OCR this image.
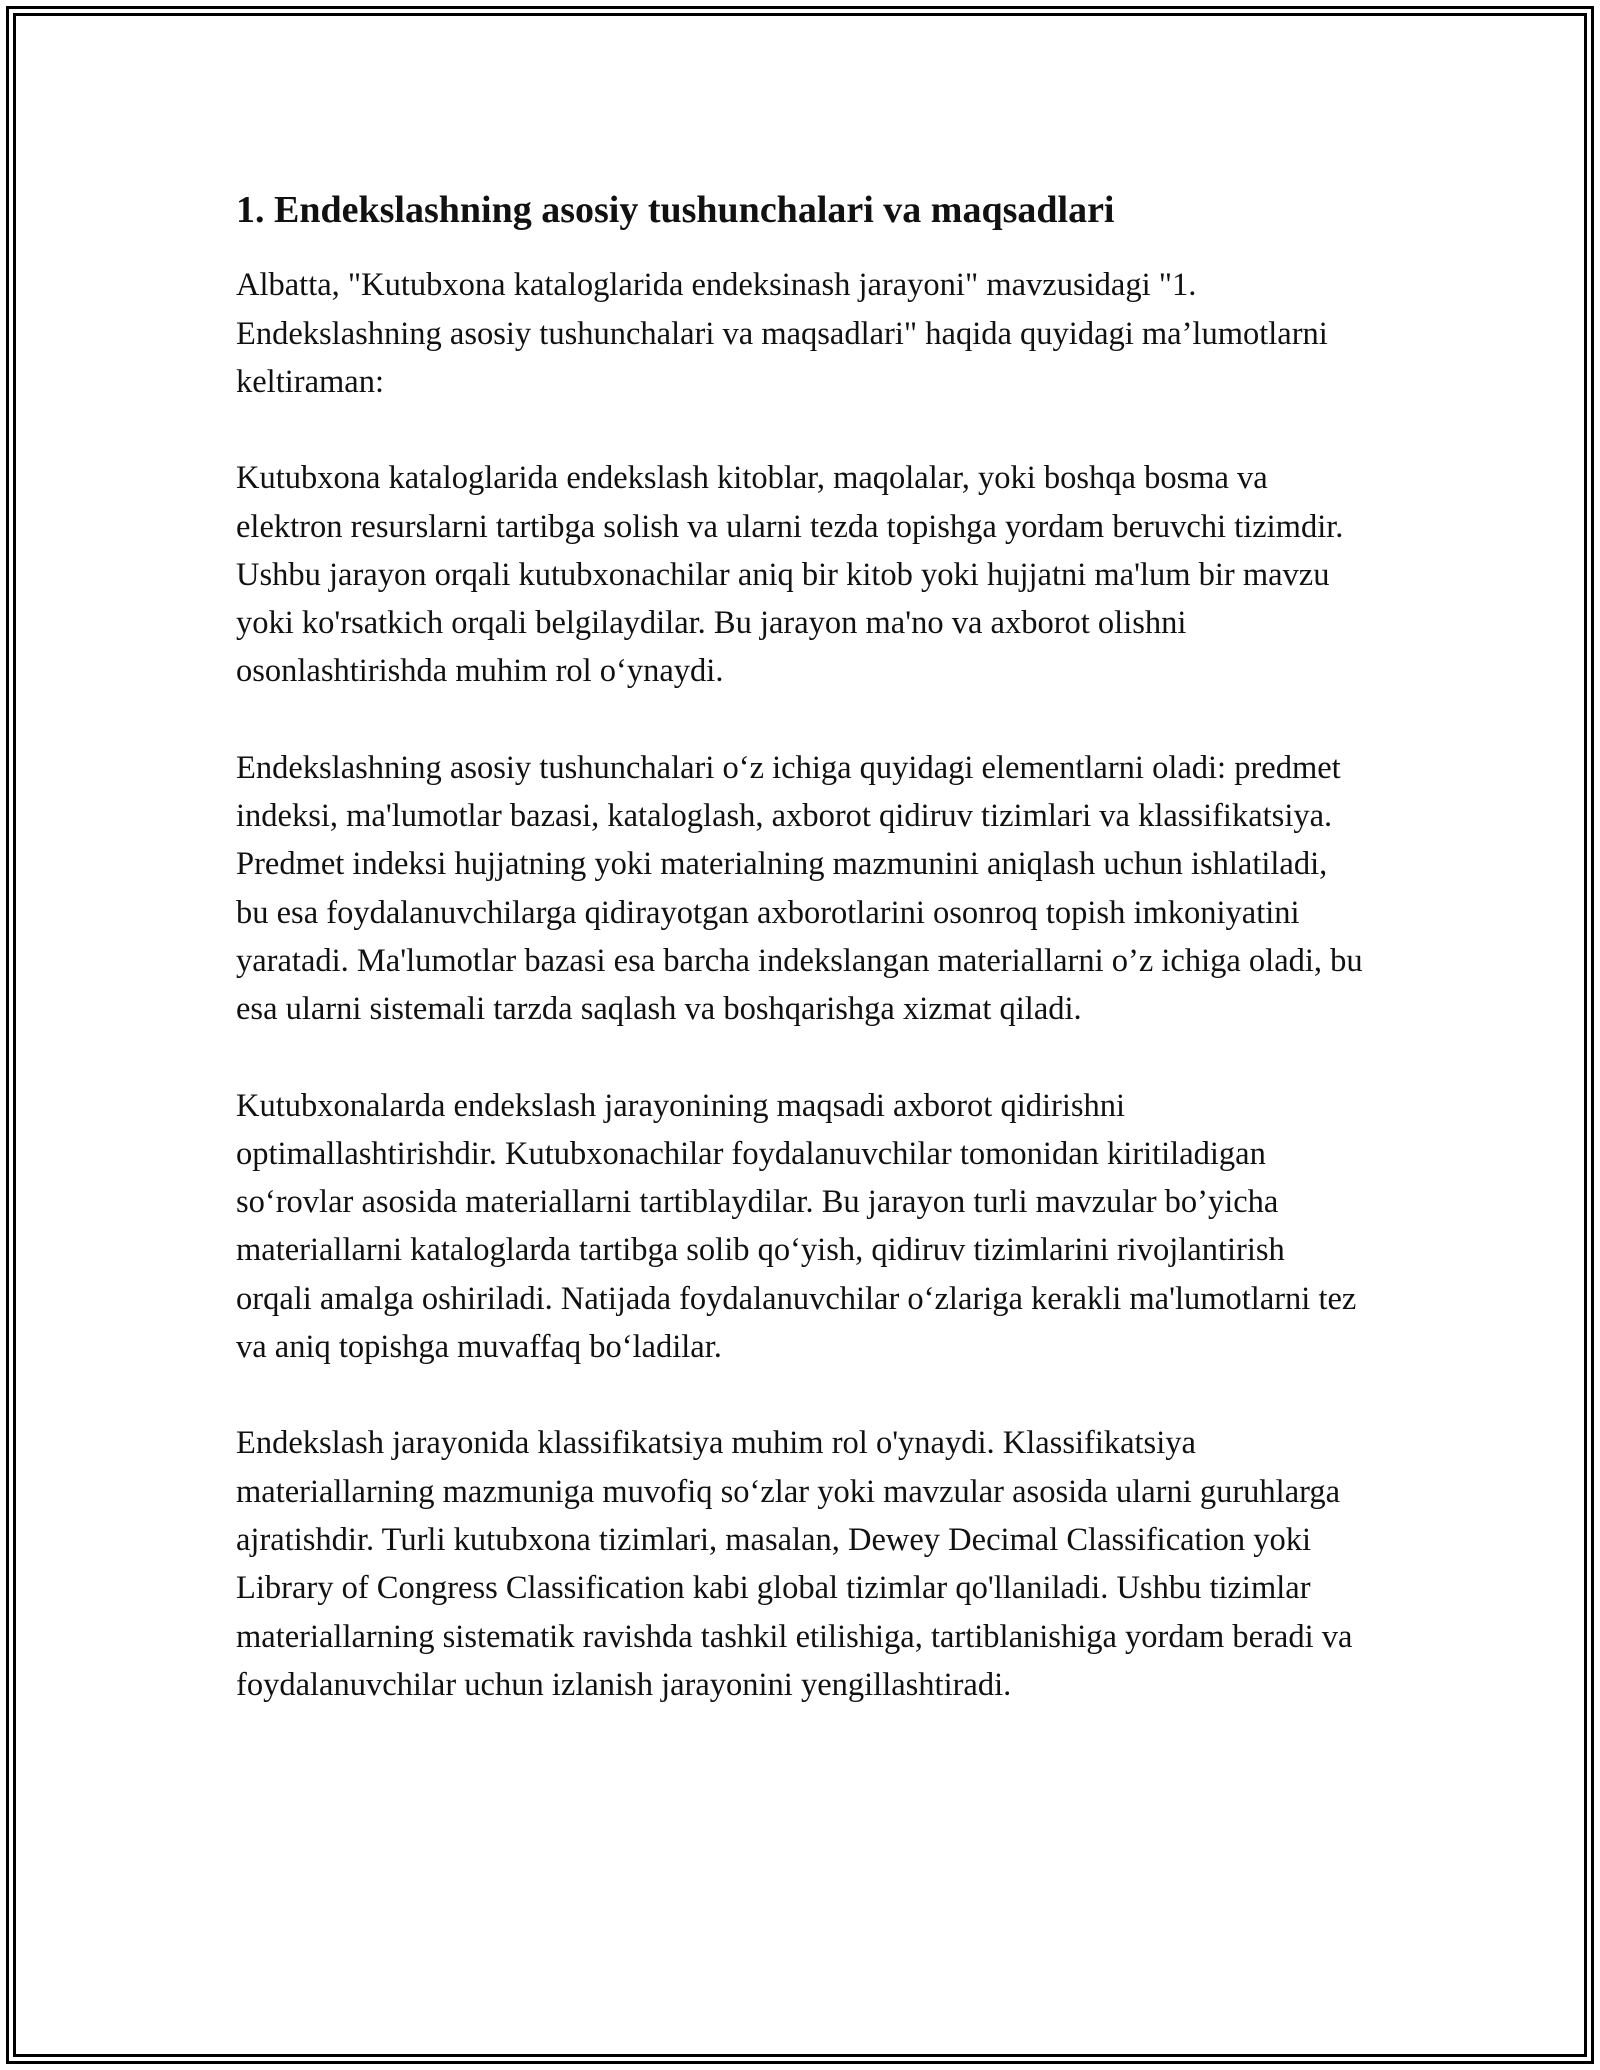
1. Endekslashning asosiy tushunchalari va maqsadlari

Albatta, "Kutubxona kataloglarida endeksinash jarayoni" mavzusidagi "1. Endekslashning asosiy tushunchalari va maqsadlari" haqida quyidagi ma’lumotlarni keltiraman:

Kutubxona kataloglarida endekslash kitoblar, maqolalar, yoki boshqa bosma va elektron resurslarni tartibga solish va ularni tezda topishga yordam beruvchi tizimdir. Ushbu jarayon orqali kutubxonachilar aniq bir kitob yoki hujjatni ma'lum bir mavzu yoki ko'rsatkich orqali belgilaydilar. Bu jarayon ma'no va axborot olishni osonlashtirishda muhim rol o‘ynaydi.

Endekslashning asosiy tushunchalari o‘z ichiga quyidagi elementlarni oladi: predmet indeksi, ma'lumotlar bazasi, kataloglash, axborot qidiruv tizimlari va klassifikatsiya. Predmet indeksi hujjatning yoki materialning mazmunini aniqlash uchun ishlatiladi, bu esa foydalanuvchilarga qidirayotgan axborotlarini osonroq topish imkoniyatini yaratadi. Ma'lumotlar bazasi esa barcha indekslangan materiallarni o’z ichiga oladi, bu esa ularni sistemali tarzda saqlash va boshqarishga xizmat qiladi.

Kutubxonalarda endekslash jarayonining maqsadi axborot qidirishni optimallashtirishdir. Kutubxonachilar foydalanuvchilar tomonidan kiritiladigan so‘rovlar asosida materiallarni tartiblaydilar. Bu jarayon turli mavzular bo’yicha materiallarni kataloglarda tartibga solib qo‘yish, qidiruv tizimlarini rivojlantirish orqali amalga oshiriladi. Natijada foydalanuvchilar o‘zlariga kerakli ma'lumotlarni tez va aniq topishga muvaffaq bo‘ladilar.

Endekslash jarayonida klassifikatsiya muhim rol o'ynaydi. Klassifikatsiya materiallarning mazmuniga muvofiq so‘zlar yoki mavzular asosida ularni guruhlarga ajratishdir. Turli kutubxona tizimlari, masalan, Dewey Decimal Classification yoki Library of Congress Classification kabi global tizimlar qo'llaniladi. Ushbu tizimlar materiallarning sistematik ravishda tashkil etilishiga, tartiblanishiga yordam beradi va foydalanuvchilar uchun izlanish jarayonini yengillashtiradi.
